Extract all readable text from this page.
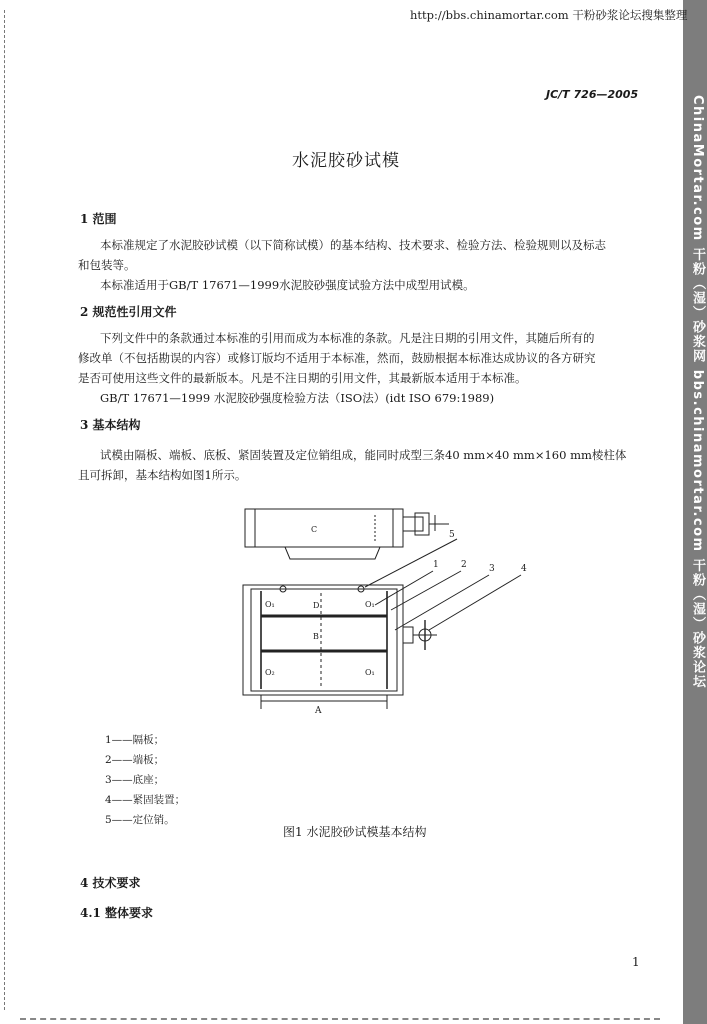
ChinaMortar.com 干粉（湿）砂浆网 bbs.chinamortar.com 干粉（湿）砂浆论坛
http://bbs.chinamortar.com 干粉砂浆论坛搜集整理
JC/T 726—2005
水泥胶砂试模
1 范围
本标准规定了水泥胶砂试模（以下简称试模）的基本结构、技术要求、检验方法、检验规则以及标志
和包装等。
本标准适用于GB/T 17671—1999水泥胶砂强度试验方法中成型用试模。
2 规范性引用文件
下列文件中的条款通过本标准的引用而成为本标准的条款。凡是注日期的引用文件，其随后所有的
修改单（不包括勘误的内容）或修订版均不适用于本标准，然而，鼓励根据本标准达成协议的各方研究
是否可使用这些文件的最新版本。凡是不注日期的引用文件，其最新版本适用于本标准。
GB/T 17671—1999 水泥胶砂强度检验方法（ISO法）(idt ISO 679:1989)
3 基本结构
试模由隔板、端板、底板、紧固装置及定位销组成，能同时成型三条40 mm×40 mm×160 mm棱柱体
且可拆卸，基本结构如图1所示。
5
1 2 3	4
C
D
B
A
O₁	O₁
O₂	O₁
1——隔板；
2——端板；
3——底座；
4——紧固装置；
5——定位销。
图1 水泥胶砂试模基本结构
4 技术要求
4.1 整体要求
1
